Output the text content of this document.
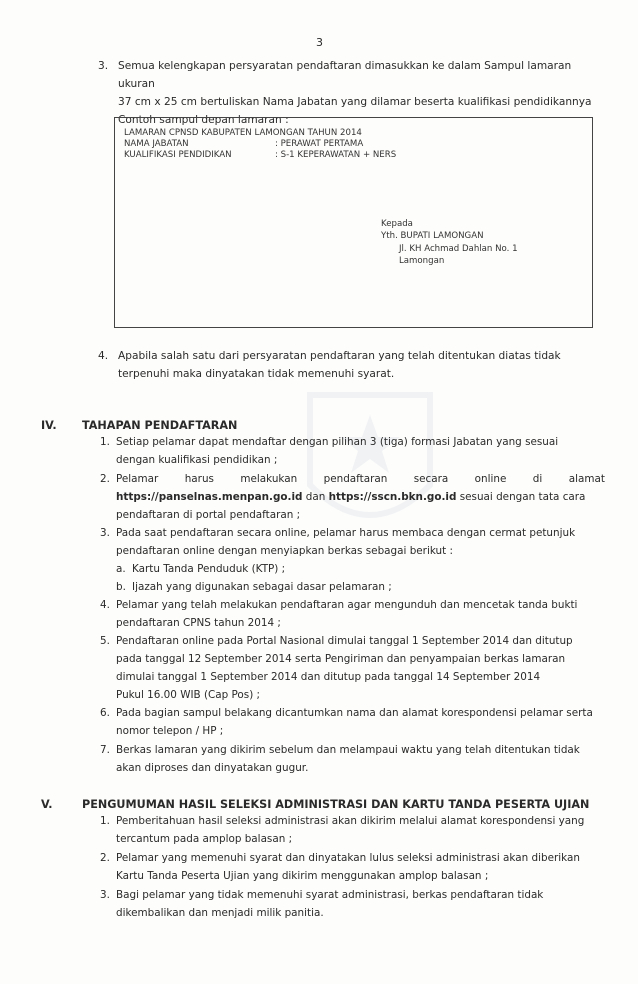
3
3. Semua kelengkapan persyaratan pendaftaran dimasukkan ke dalam Sampul lamaran ukuran
37 cm x 25 cm bertuliskan Nama Jabatan yang dilamar beserta kualifikasi pendidikannya
Contoh sampul depan lamaran :
LAMARAN CPNSD KABUPATEN LAMONGAN TAHUN 2014
NAMA JABATAN	: PERAWAT PERTAMA
KUALIFIKASI PENDIDIKAN	: S-1 KEPERAWATAN + NERS
Kepada
Yth. BUPATI LAMONGAN
Jl. KH Achmad Dahlan No. 1
Lamongan
4. Apabila salah satu dari persyaratan pendaftaran yang telah ditentukan diatas tidak
terpenuhi maka dinyatakan tidak memenuhi syarat.
IV. TAHAPAN PENDAFTARAN
1. Setiap pelamar dapat mendaftar dengan pilihan 3 (tiga) formasi Jabatan yang sesuai
dengan kualifikasi pendidikan ;
2. Pelamar        harus        melakukan        pendaftaran        secara        online        di        alamat
https://panselnas.menpan.go.id dan https://sscn.bkn.go.id sesuai dengan tata cara
pendaftaran di portal pendaftaran ;
3. Pada saat pendaftaran secara online, pelamar harus membaca dengan cermat petunjuk
pendaftaran online dengan menyiapkan berkas sebagai berikut :
a. Kartu Tanda Penduduk (KTP) ;
b. Ijazah yang digunakan sebagai dasar pelamaran ;
4. Pelamar yang telah melakukan pendaftaran agar mengunduh dan mencetak tanda bukti
pendaftaran CPNS tahun 2014 ;
5. Pendaftaran online pada Portal Nasional dimulai tanggal 1 September 2014 dan ditutup
pada tanggal 12 September 2014 serta Pengiriman dan penyampaian berkas lamaran
dimulai tanggal 1 September 2014 dan ditutup pada tanggal 14 September 2014
Pukul 16.00 WIB (Cap Pos) ;
6. Pada bagian sampul belakang dicantumkan nama dan alamat korespondensi pelamar serta
nomor telepon / HP ;
7. Berkas lamaran yang dikirim sebelum dan melampaui waktu yang telah ditentukan tidak
akan diproses dan dinyatakan gugur.
V.	PENGUMUMAN HASIL SELEKSI ADMINISTRASI DAN KARTU TANDA PESERTA UJIAN
1. Pemberitahuan hasil seleksi administrasi akan dikirim melalui alamat korespondensi yang
tercantum pada amplop balasan ;
2. Pelamar yang memenuhi syarat dan dinyatakan lulus seleksi administrasi akan diberikan
Kartu Tanda Peserta Ujian yang dikirim menggunakan amplop balasan ;
3. Bagi pelamar yang tidak memenuhi syarat administrasi, berkas pendaftaran tidak
dikembalikan dan menjadi milik panitia.
